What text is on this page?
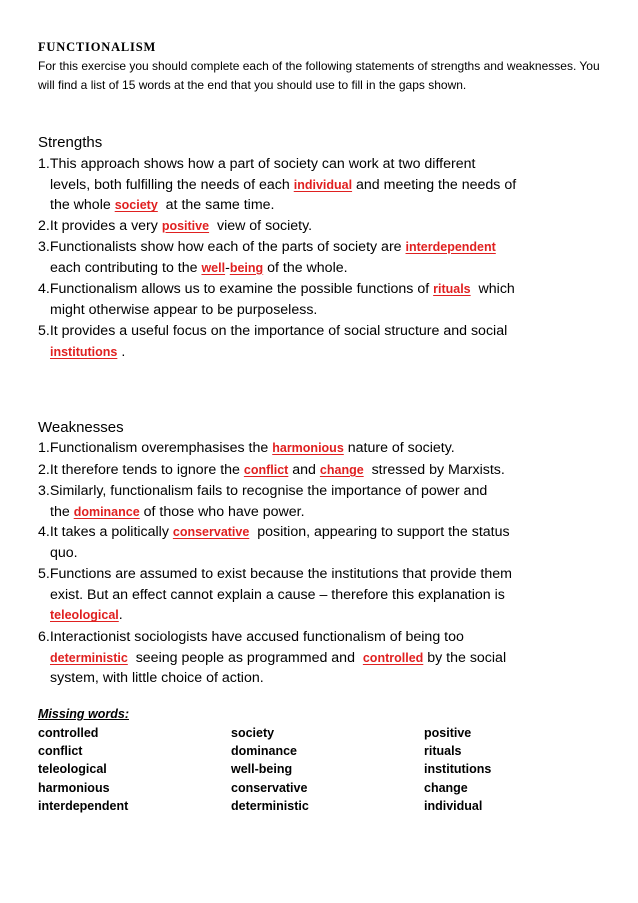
FUNCTIONALISM
For this exercise you should complete each of the following statements of strengths and weaknesses. You will find a list of 15 words at the end that you should use to fill in the gaps shown.
Strengths
1.This approach shows how a part of society can work at two different
levels, both fulfilling the needs of each individual and meeting the needs of
the whole society at the same time.
2.It provides a very positive view of society.
3.Functionalists show how each of the parts of society are interdependent
each contributing to the well-being of the whole.
4.Functionalism allows us to examine the possible functions of rituals which
might otherwise appear to be purposeless.
5.It provides a useful focus on the importance of social structure and social
institutions .
Weaknesses
1.Functionalism overemphasises the harmonious nature of society.
2.It therefore tends to ignore the conflict and change stressed by Marxists.
3.Similarly, functionalism fails to recognise the importance of power and
the dominance of those who have power.
4.It takes a politically conservative position, appearing to support the status
quo.
5.Functions are assumed to exist because the institutions that provide them
exist. But an effect cannot explain a cause – therefore this explanation is
teleological.
6.Interactionist sociologists have accused functionalism of being too
deterministic seeing people as programmed and controlled by the social
system, with little choice of action.
Missing words:
controlled
conflict
teleological
harmonious
interdependent
society
dominance
well-being
conservative
deterministic
positive
rituals
institutions
change
individual
